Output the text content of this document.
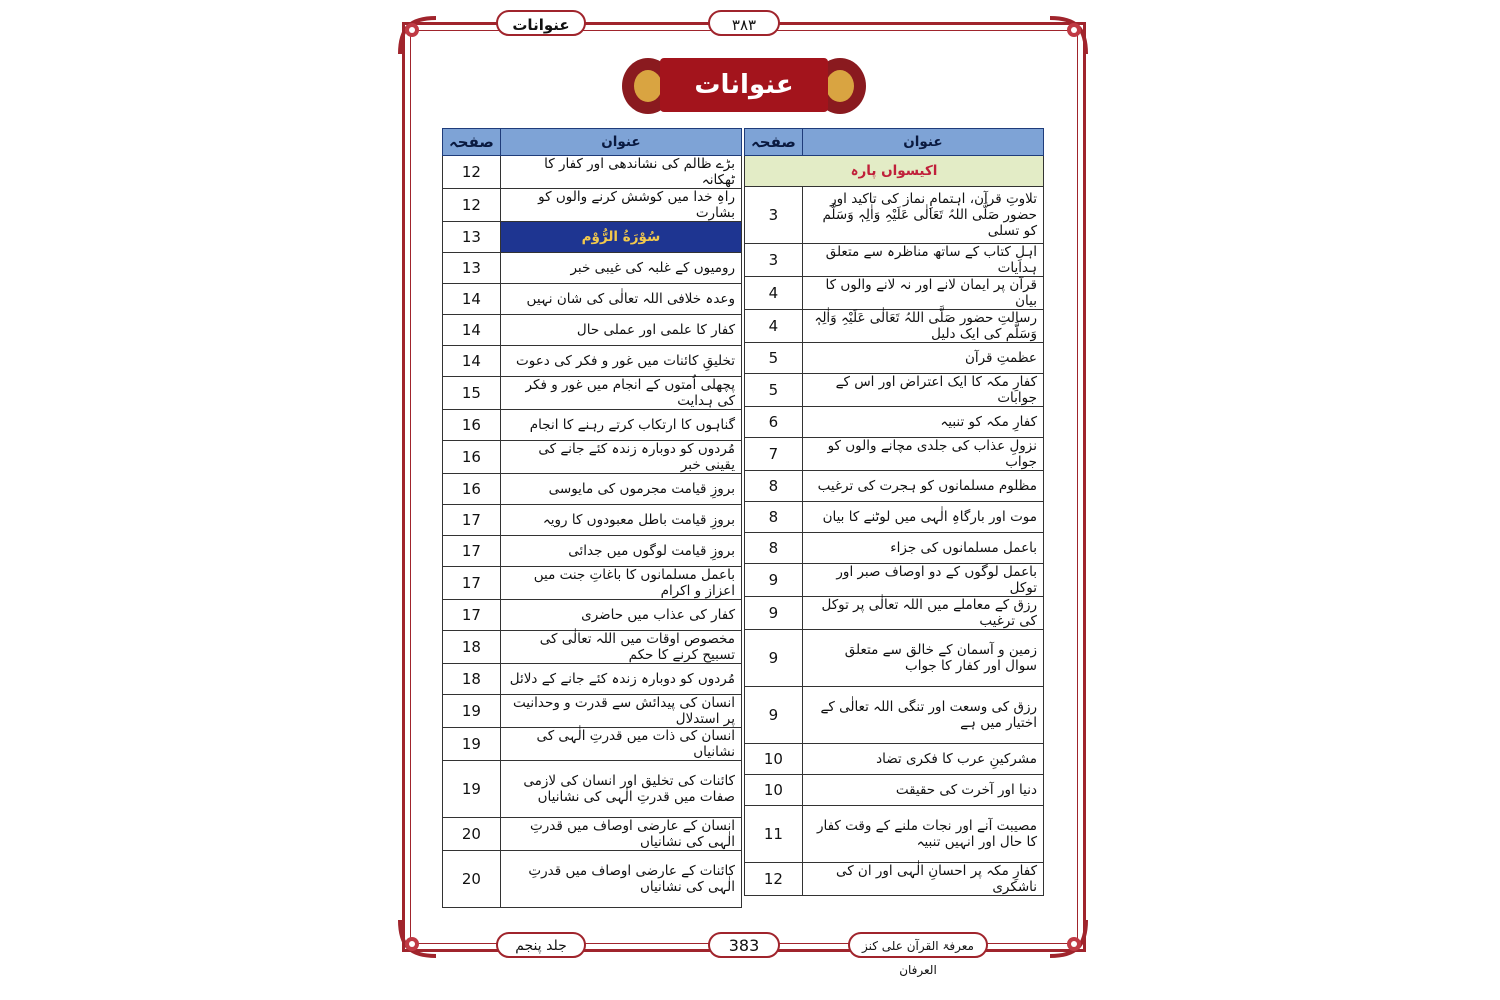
عنوانات	۳۸۳
عنوانات
صفحہ	عنوان
12	بڑے ظالم کی نشاندھی اور کفار کا ٹھکانہ
12	راہِ خدا میں کوشش کرنے والوں کو بشارت
13	سُوْرَةُ الرُّوْم
13	رومیوں کے غلبہ کی غیبی خبر
14	وعدہ خلافی اللہ تعالٰی کی شان نہیں
14	کفار کا علمی اور عملی حال
14	تخلیقِ کائنات میں غور و فکر کی دعوت
15	پچھلی اُمتوں کے انجام میں غور و فکر کی ہدایت
16	گناہوں کا ارتکاب کرتے رہنے کا انجام
16	مُردوں کو دوبارہ زندہ کئے جانے کی یقینی خبر
16	بروزِ قیامت مجرموں کی مایوسی
17	بروزِ قیامت باطل معبودوں کا رویہ
17	بروزِ قیامت لوگوں میں جدائی
17	باعمل مسلمانوں کا باغاتِ جنت میں اعزاز و اکرام
17	کفار کی عذاب میں حاضری
18	مخصوص اوقات میں اللہ تعالٰی کی تسبیح کرنے کا حکم
18	مُردوں کو دوبارہ زندہ کئے جانے کے دلائل
19	انسان کی پیدائش سے قدرت و وحدانیت پر استدلال
19	انسان کی ذات میں قدرتِ الٰہی کی نشانیاں
19	کائنات کی تخلیق اور انسان کی لازمی صفات میں قدرتِ الٰہی کی نشانیاں
20	انسان کے عارضی اوصاف میں قدرتِ الٰہی کی نشانیاں
20	کائنات کے عارضی اوصاف میں قدرتِ الٰہی کی نشانیاں
صفحہ	عنوان
اکیسواں پارہ	
3	تلاوتِ قرآن، اہتمامِ نماز کی تاکید اور حضور صَلَّی اللہُ تَعَالٰی عَلَیْہِ وَاٰلِہٖ وَسَلَّم کو تسلی
3	اہلِ کتاب کے ساتھ مناظرہ سے متعلق ہدایات
4	قرآن پر ایمان لانے اور نہ لانے والوں کا بیان
4	رسالتِ حضور صَلَّی اللہُ تَعَالٰی عَلَیْہِ وَاٰلِہٖ وَسَلَّم کی ایک دلیل
5	عظمتِ قرآن
5	کفارِ مکہ کا ایک اعتراض اور اس کے جوابات
6	کفارِ مکہ کو تنبیہ
7	نزولِ عذاب کی جلدی مچانے والوں کو جواب
8	مظلوم مسلمانوں کو ہجرت کی ترغیب
8	موت اور بارگاہِ الٰہی میں لوٹنے کا بیان
8	باعمل مسلمانوں کی جزاء
9	باعمل لوگوں کے دو اوصاف صبر اور توکل
9	رزق کے معاملے میں اللہ تعالٰی پر توکل کی ترغیب
9	زمین و آسمان کے خالق سے متعلق سوال اور کفار کا جواب
9	رزق کی وسعت اور تنگی اللہ تعالٰی کے اختیار میں ہے
10	مشرکینِ عرب کا فکری تضاد
10	دنیا اور آخرت کی حقیقت
11	مصیبت آنے اور نجات ملنے کے وقت کفار کا حال اور انہیں تنبیہ
12	کفارِ مکہ پر احسانِ الٰہی اور ان کی ناشکری
جلد پنجم	383	معرفۃ القرآن علی کنز العرفان
